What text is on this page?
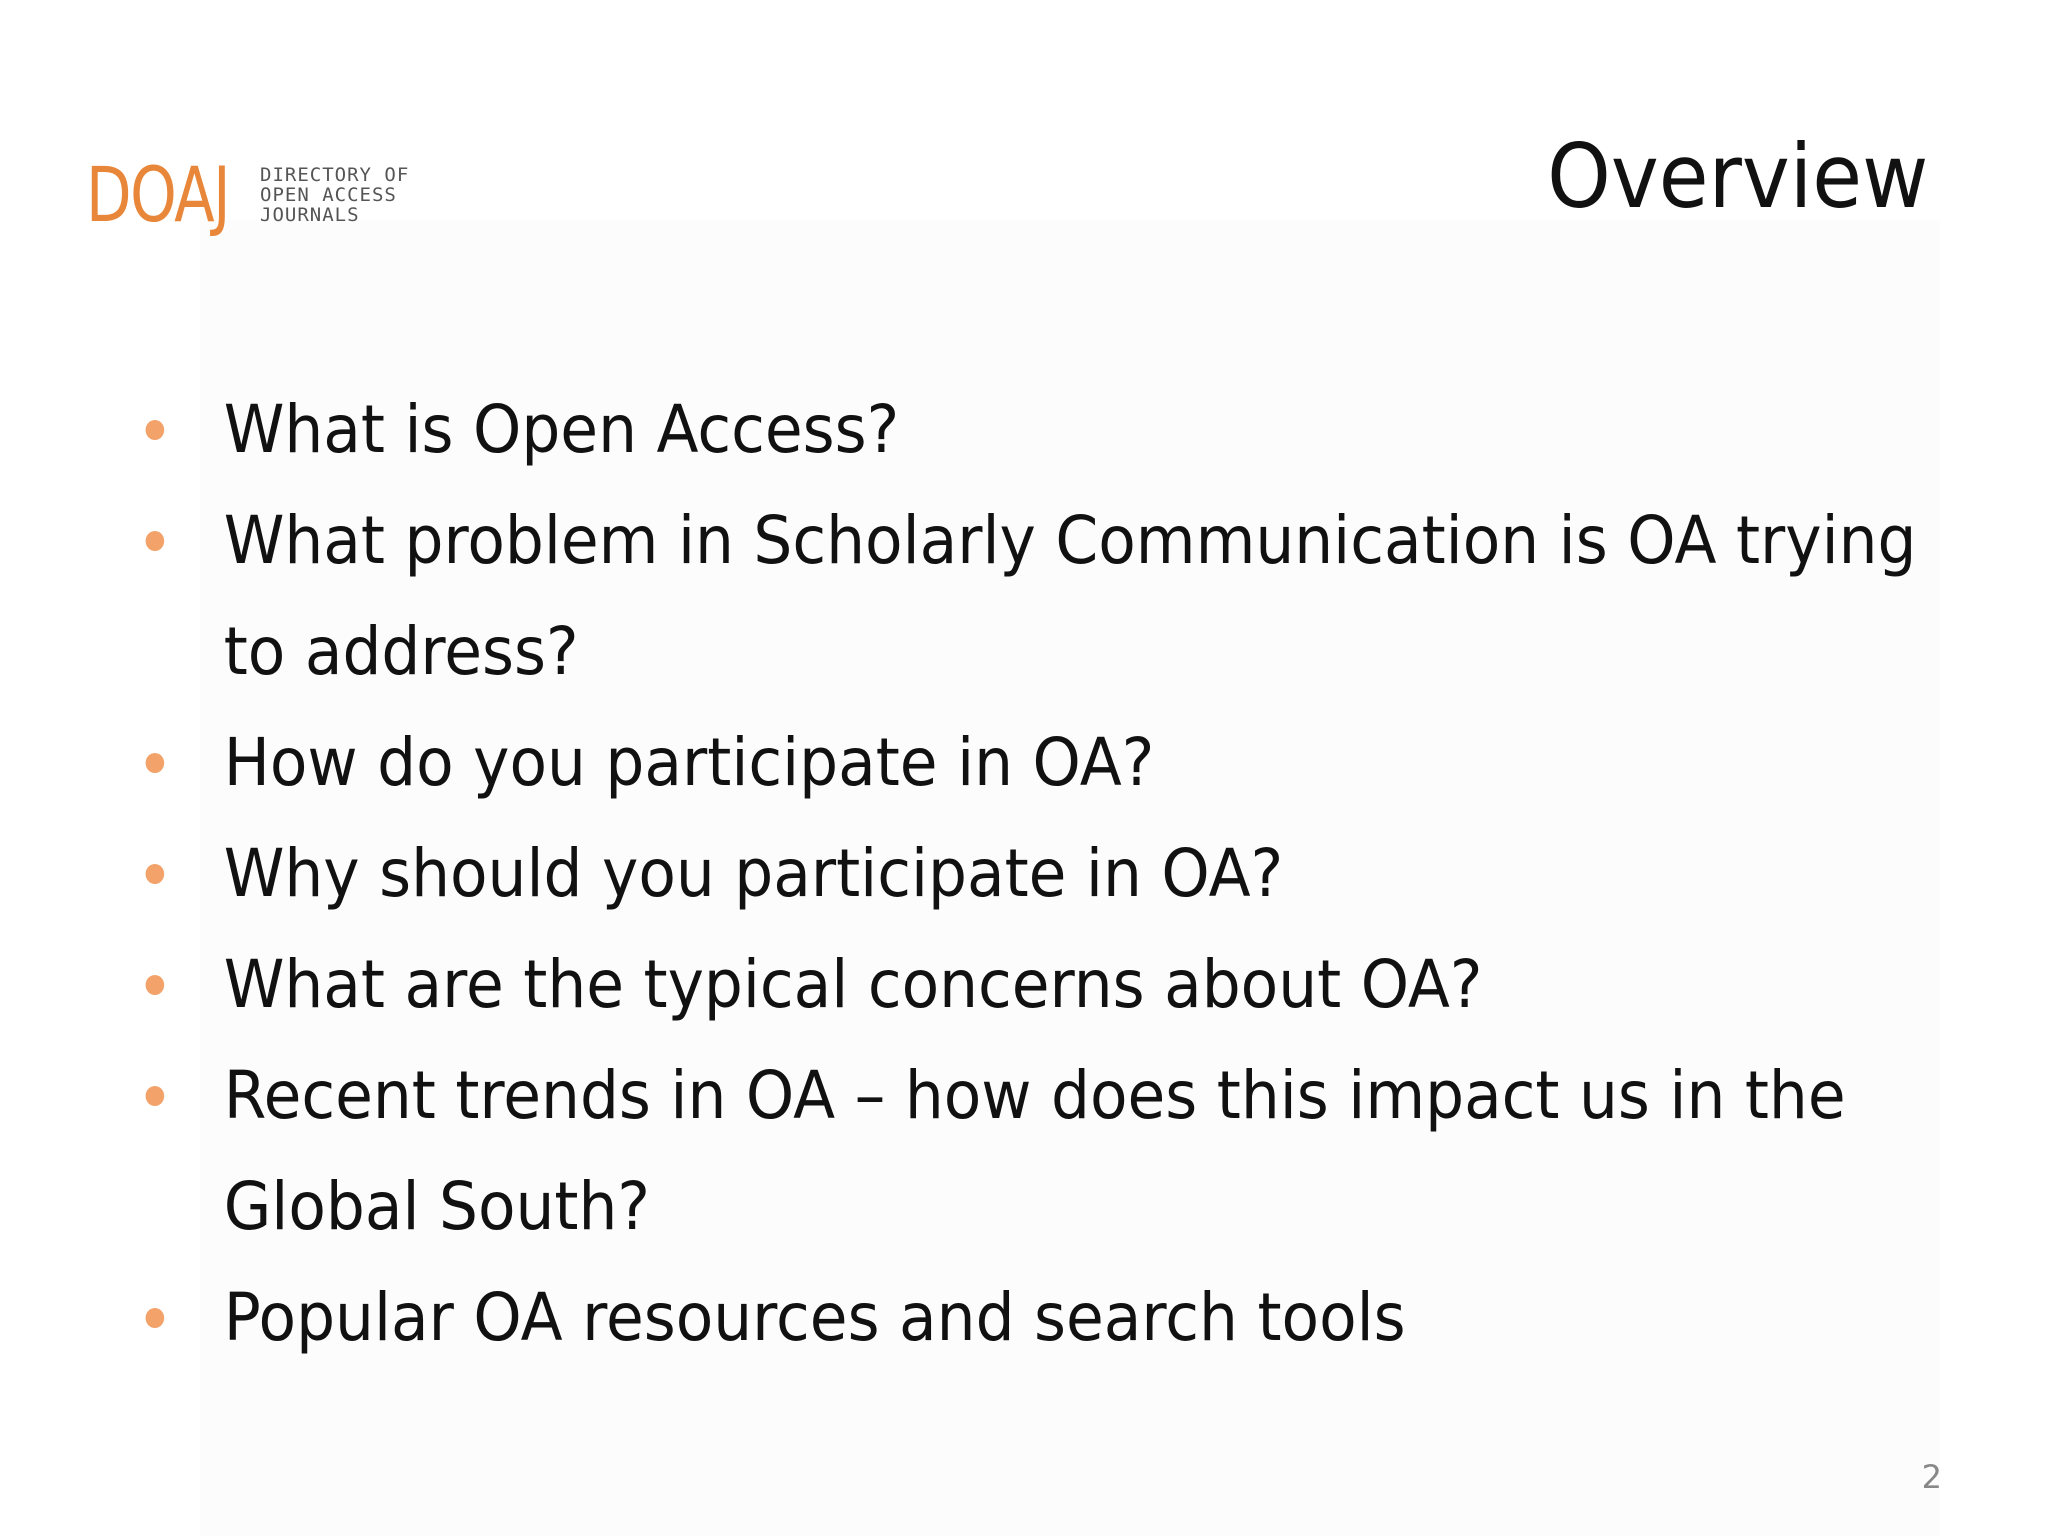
DOAJ DIRECTORY OF
OPEN ACCESS
JOURNALS	Overview
What is Open Access?
What problem in Scholarly Communication is OA trying to address?
How do you participate in OA?
Why should you participate in OA?
What are the typical concerns about OA?
Recent trends in OA – how does this impact us in the Global South?
Popular OA resources and search tools
2
